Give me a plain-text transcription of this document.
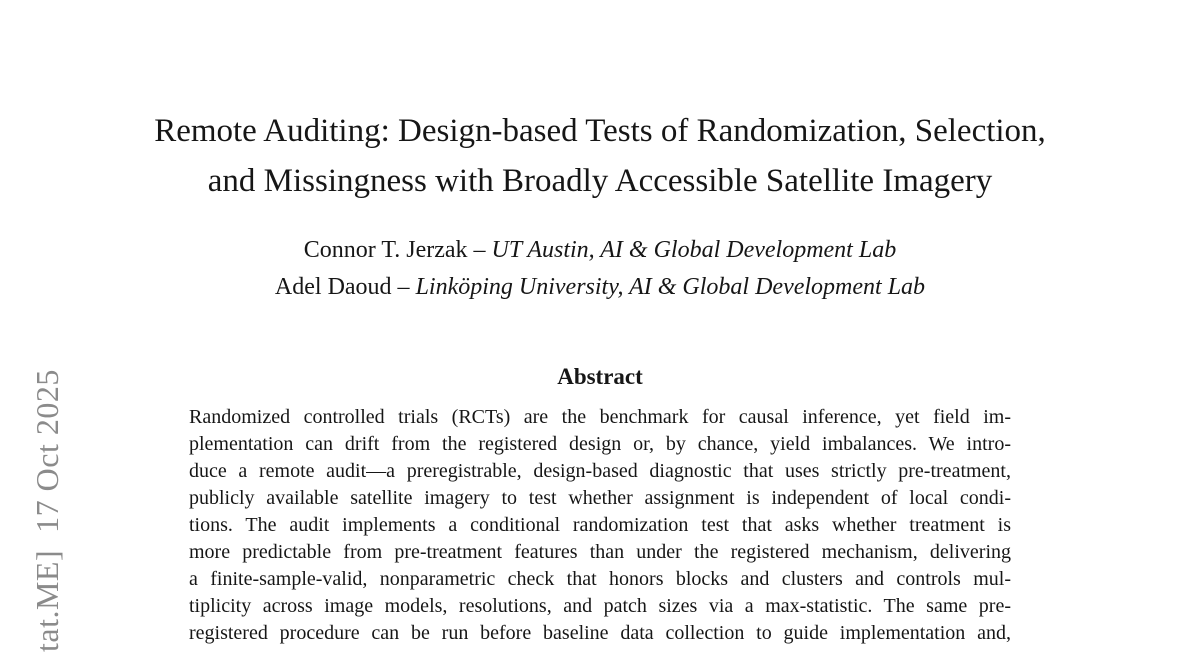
tat.ME]  17 Oct 2025
Remote Auditing: Design-based Tests of Randomization, Selection,
and Missingness with Broadly Accessible Satellite Imagery
Connor T. Jerzak – UT Austin, AI & Global Development Lab
Adel Daoud – Linköping University, AI & Global Development Lab
Abstract
Randomized controlled trials (RCTs) are the benchmark for causal inference, yet field im-
plementation can drift from the registered design or, by chance, yield imbalances. We intro-
duce a remote audit—a preregistrable, design-based diagnostic that uses strictly pre-treatment,
publicly available satellite imagery to test whether assignment is independent of local condi-
tions. The audit implements a conditional randomization test that asks whether treatment is
more predictable from pre-treatment features than under the registered mechanism, delivering
a finite-sample-valid, nonparametric check that honors blocks and clusters and controls mul-
tiplicity across image models, resolutions, and patch sizes via a max-statistic. The same pre-
registered procedure can be run before baseline data collection to guide implementation and,
